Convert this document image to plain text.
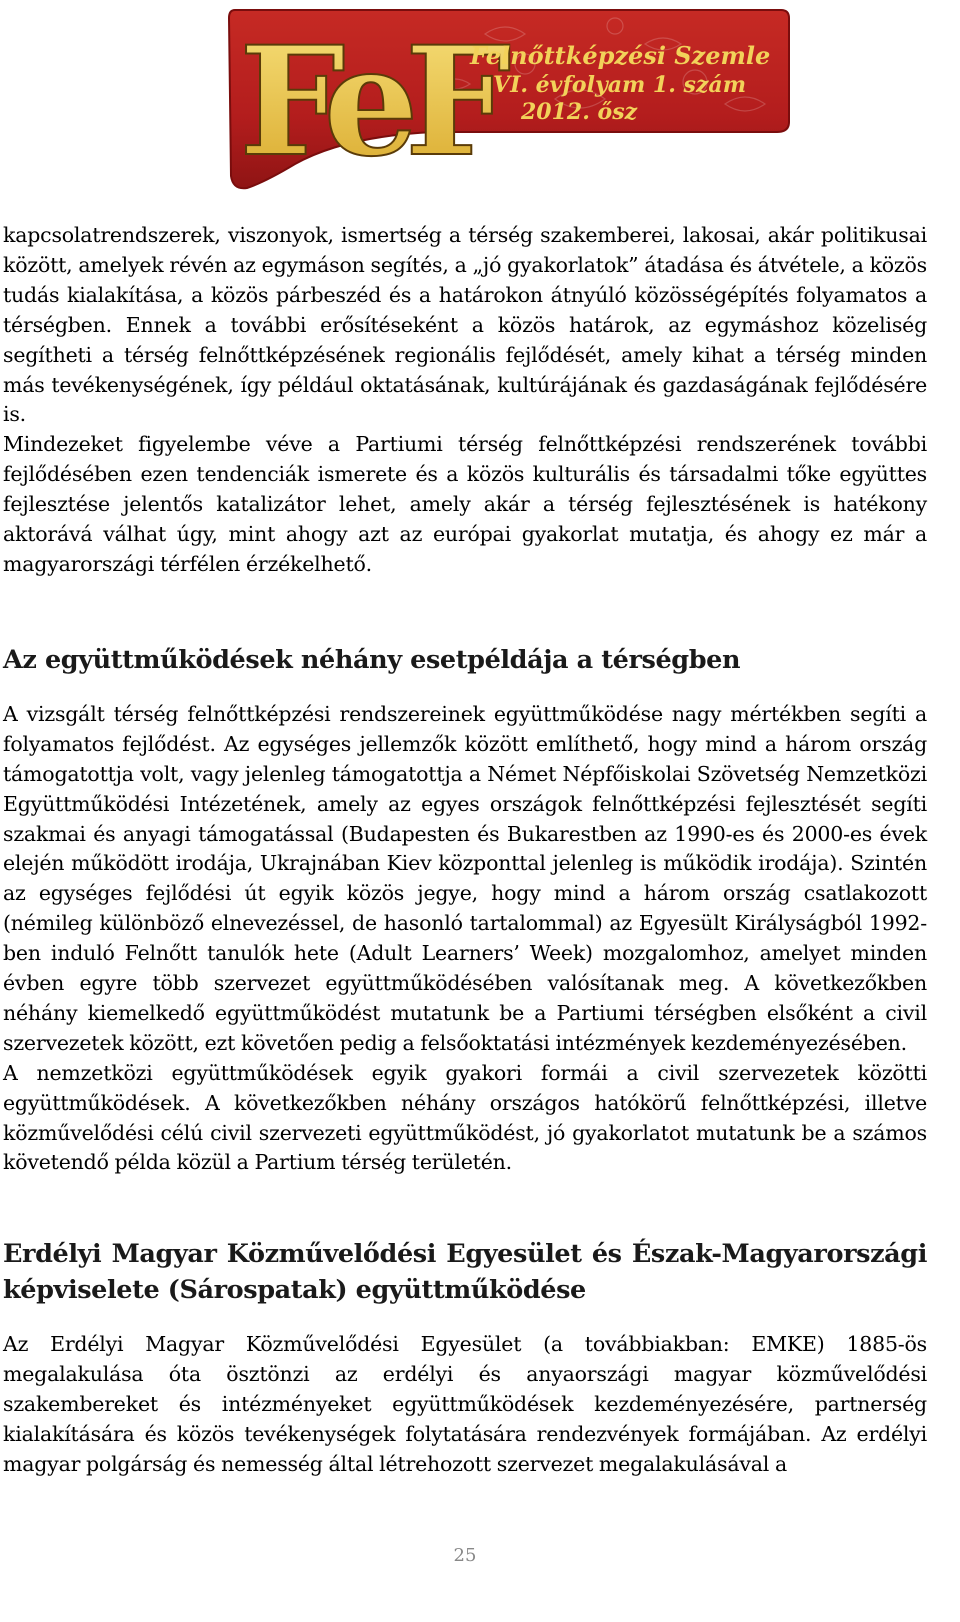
FeF
Felnőttképzési Szemle
VI. évfolyam 1. szám
2012. ősz

kapcsolatrendszerek, viszonyok, ismertség a térség szakemberei, lakosai, akár politikusai között, amelyek révén az egymáson segítés, a „jó gyakorlatok” átadása és átvétele, a közös tudás kialakítása, a közös párbeszéd és a határokon átnyúló közösségépítés folyamatos a térségben. Ennek a további erősítéseként a közös határok, az egymáshoz közeliség segítheti a térség felnőttképzésének regionális fejlődését, amely kihat a térség minden más tevékenységének, így például oktatásának, kultúrájának és gazdaságának fejlődésére is.

Mindezeket figyelembe véve a Partiumi térség felnőttképzési rendszerének további fejlődésében ezen tendenciák ismerete és a közös kulturális és társadalmi tőke együttes fejlesztése jelentős katalizátor lehet, amely akár a térség fejlesztésének is hatékony aktorává válhat úgy, mint ahogy azt az európai gyakorlat mutatja, és ahogy ez már a magyarországi térfélen érzékelhető.

Az együttműködések néhány esetpéldája a térségben

A vizsgált térség felnőttképzési rendszereinek együttműködése nagy mértékben segíti a folyamatos fejlődést. Az egységes jellemzők között említhető, hogy mind a három ország támogatottja volt, vagy jelenleg támogatottja a Német Népfőiskolai Szövetség Nemzetközi Együttműködési Intézetének, amely az egyes országok felnőttképzési fejlesztését segíti szakmai és anyagi támogatással (Budapesten és Bukarestben az 1990-es és 2000-es évek elején működött irodája, Ukrajnában Kiev központtal jelenleg is működik irodája). Szintén az egységes fejlődési út egyik közös jegye, hogy mind a három ország csatlakozott (némileg különböző elnevezéssel, de hasonló tartalommal) az Egyesült Királyságból 1992-ben induló Felnőtt tanulók hete (Adult Learners’ Week) mozgalomhoz, amelyet minden évben egyre több szervezet együttműködésében valósítanak meg. A következőkben néhány kiemelkedő együttműködést mutatunk be a Partiumi térségben elsőként a civil szervezetek között, ezt követően pedig a felsőoktatási intézmények kezdeményezésében.

A nemzetközi együttműködések egyik gyakori formái a civil szervezetek közötti együttműködések. A következőkben néhány országos hatókörű felnőttképzési, illetve közművelődési célú civil szervezeti együttműködést, jó gyakorlatot mutatunk be a számos követendő példa közül a Partium térség területén.

Erdélyi Magyar Közművelődési Egyesület és Észak-Magyarországi képviselete (Sárospatak) együttműködése

Az Erdélyi Magyar Közművelődési Egyesület (a továbbiakban: EMKE) 1885-ös megalakulása óta ösztönzi az erdélyi és anyaországi magyar közművelődési szakembereket és intézményeket együttműködések kezdeményezésére, partnerség kialakítására és közös tevékenységek folytatására rendezvények formájában. Az erdélyi magyar polgárság és nemesség által létrehozott szervezet megalakulásával a

25
